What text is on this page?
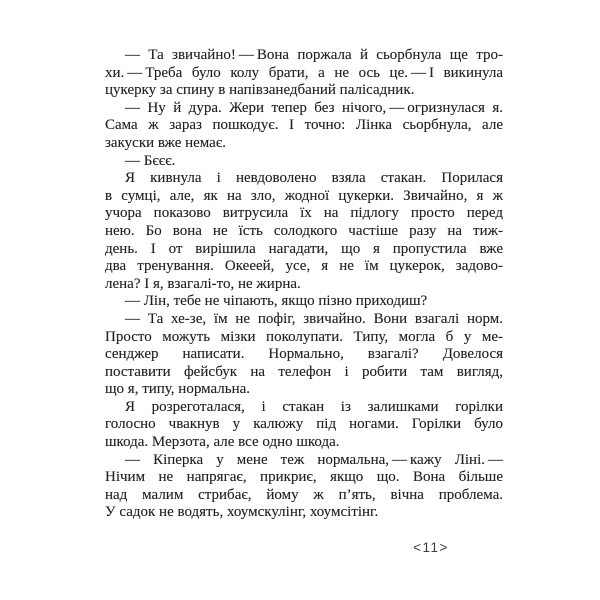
— Та звичайно! — Вона поржала й сьорбнула ще тро-
хи. — Треба було колу брати, а не ось це. — І викинула
цукерку за спину в напівзанедбаний палісадник.
— Ну й дура. Жери тепер без нічого, — огризнулася я.
Сама ж зараз пошкодує. І точно: Лінка сьорбнула, але
закуски вже немає.
— Бєєє.
Я кивнула і невдоволено взяла стакан. Порилася
в сумці, але, як на зло, жодної цукерки. Звичайно, я ж
учора показово витрусила їх на підлогу просто перед
нею. Бо вона не їсть солодкого частіше разу на тиж-
день. І от вирішила нагадати, що я пропустила вже
два тренування. Окееей, усе, я не їм цукерок, задово-
лена? І я, взагалі-то, не жирна.
— Лін, тебе не чіпають, якщо пізно приходиш?
— Та хе-зе, їм не пофіг, звичайно. Вони взагалі норм.
Просто можуть мізки поколупати. Типу, могла б у ме-
сенджер написати. Нормально, взагалі? Довелося
поставити фейсбук на телефон і робити там вигляд,
що я, типу, нормальна.
Я розреготалася, і стакан із залишками горілки
голосно чвакнув у калюжу під ногами. Горілки було
шкода. Мерзота, але все одно шкода.
— Кіперка у мене теж нормальна, — кажу Ліні. —
Нічим не напрягає, прикриє, якщо що. Вона більше
над малим стрибає, йому ж п’ять, вічна проблема.
У садок не водять, хоумскулінг, хоумсітінг.
<11>
